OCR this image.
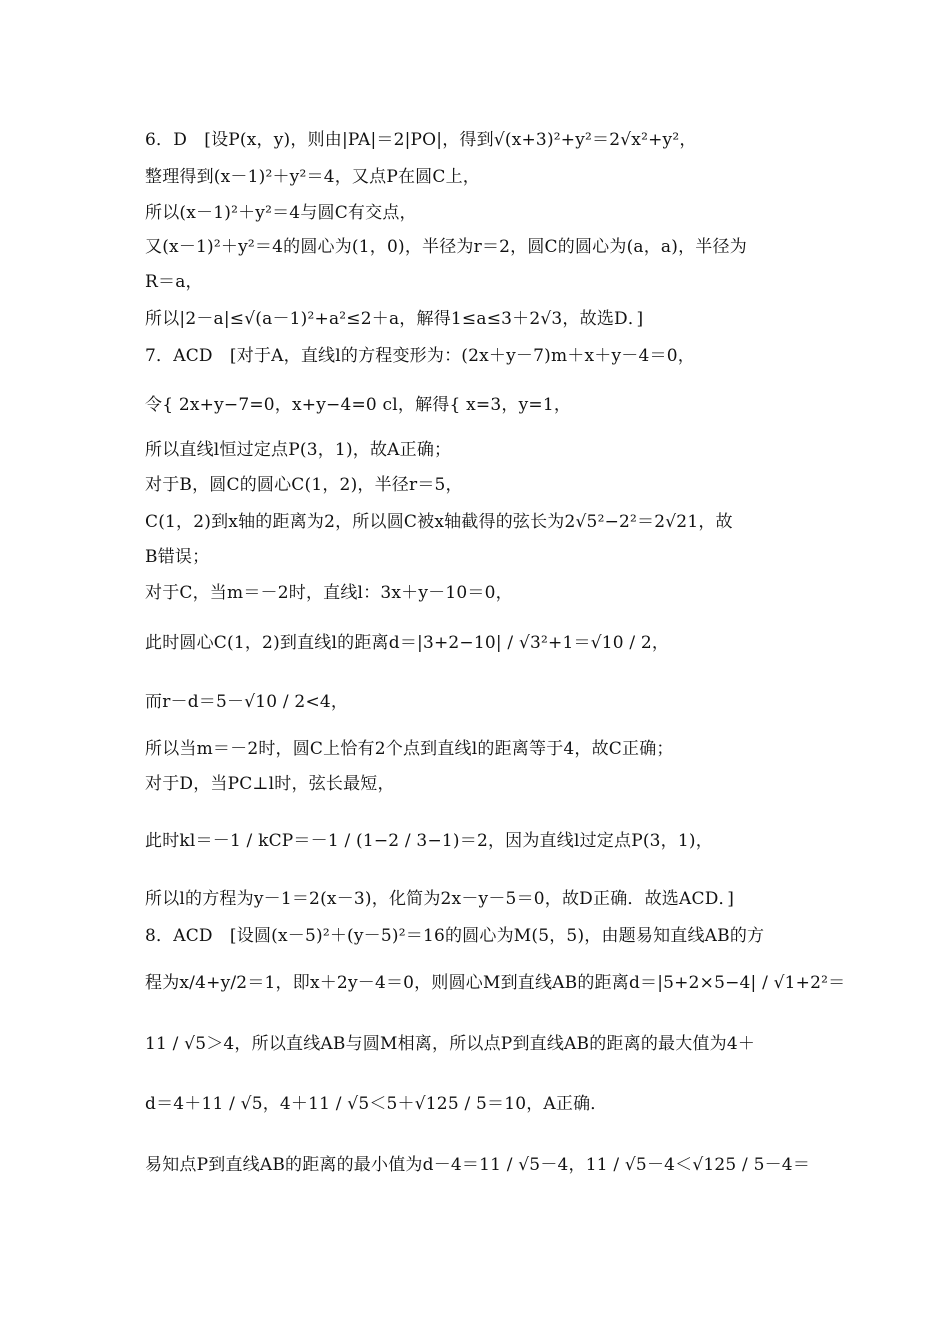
6．D　[设P(x，y)，则由|PA|＝2|PO|，得到√(x+3)²+y²＝2√x²+y²，
整理得到(x－1)²＋y²＝4，又点P在圆C上，
所以(x－1)²＋y²＝4与圆C有交点，
又(x－1)²＋y²＝4的圆心为(1，0)，半径为r＝2，圆C的圆心为(a，a)，半径为
R＝a，
所以|2－a|≤√(a－1)²+a²≤2＋a，解得1≤a≤3＋2√3，故选D．]
7．ACD　[对于A，直线l的方程变形为：(2x＋y－7)m＋x＋y－4＝0，
令{ 2x+y−7=0，x+y−4=0 cl，解得{ x=3，y=1，
所以直线l恒过定点P(3，1)，故A正确；
对于B，圆C的圆心C(1，2)，半径r＝5，
C(1，2)到x轴的距离为2，所以圆C被x轴截得的弦长为2√5²−2²＝2√21，故
B错误；
对于C，当m＝－2时，直线l：3x＋y－10＝0，
此时圆心C(1，2)到直线l的距离d＝|3+2−10| / √3²+1＝√10 / 2，
而r－d＝5－√10 / 2<4，
所以当m＝－2时，圆C上恰有2个点到直线l的距离等于4，故C正确；
对于D，当PC⊥l时，弦长最短，
此时kl＝－1 / kCP＝－1 / (1−2 / 3−1)＝2，因为直线l过定点P(3，1)，
所以l的方程为y－1＝2(x－3)，化简为2x－y－5＝0，故D正确．故选ACD．]
8．ACD　[设圆(x－5)²＋(y－5)²＝16的圆心为M(5，5)，由题易知直线AB的方
程为x/4+y/2＝1，即x＋2y－4＝0，则圆心M到直线AB的距离d＝|5+2×5−4| / √1+2²＝
11 / √5＞4，所以直线AB与圆M相离，所以点P到直线AB的距离的最大值为4＋
d＝4＋11 / √5，4＋11 / √5＜5＋√125 / 5＝10，A正确．
易知点P到直线AB的距离的最小值为d－4＝11 / √5－4，11 / √5－4＜√125 / 5－4＝
